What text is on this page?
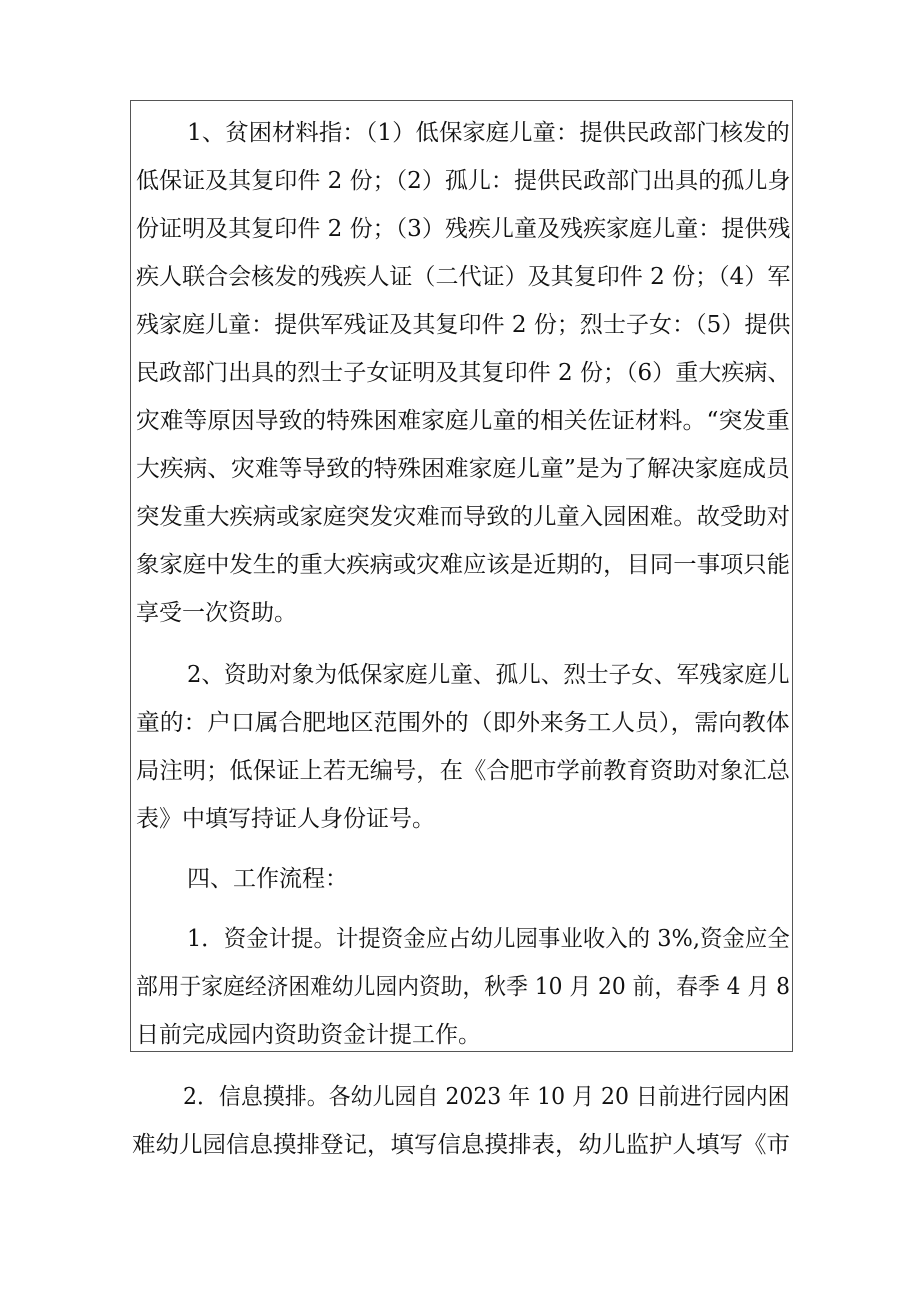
1、贫困材料指：（1）低保家庭儿童：提供民政部门核发的
低保证及其复印件 2 份；（2）孤儿：提供民政部门出具的孤儿身
份证明及其复印件 2 份；（3）残疾儿童及残疾家庭儿童：提供残
疾人联合会核发的残疾人证（二代证）及其复印件 2 份；（4）军
残家庭儿童：提供军残证及其复印件 2 份；烈士子女：（5）提供
民政部门出具的烈士子女证明及其复印件 2 份；（6）重大疾病、
灾难等原因导致的特殊困难家庭儿童的相关佐证材料。“突发重
大疾病、灾难等导致的特殊困难家庭儿童”是为了解决家庭成员
突发重大疾病或家庭突发灾难而导致的儿童入园困难。故受助对
象家庭中发生的重大疾病或灾难应该是近期的，目同一事项只能
享受一次资助。
2、资助对象为低保家庭儿童、孤儿、烈士子女、军残家庭儿
童的：户口属合肥地区范围外的（即外来务工人员），需向教体
局注明；低保证上若无编号，在《合肥市学前教育资助对象汇总
表》中填写持证人身份证号。
四、工作流程：
1．资金计提。计提资金应占幼儿园事业收入的 3%,资金应全
部用于家庭经济困难幼儿园内资助，秋季 10 月 20 前，春季 4 月 8
日前完成园内资助资金计提工作。
2．信息摸排。各幼儿园自 2023 年 10 月 20 日前进行园内困
难幼儿园信息摸排登记，填写信息摸排表，幼儿监护人填写《市
